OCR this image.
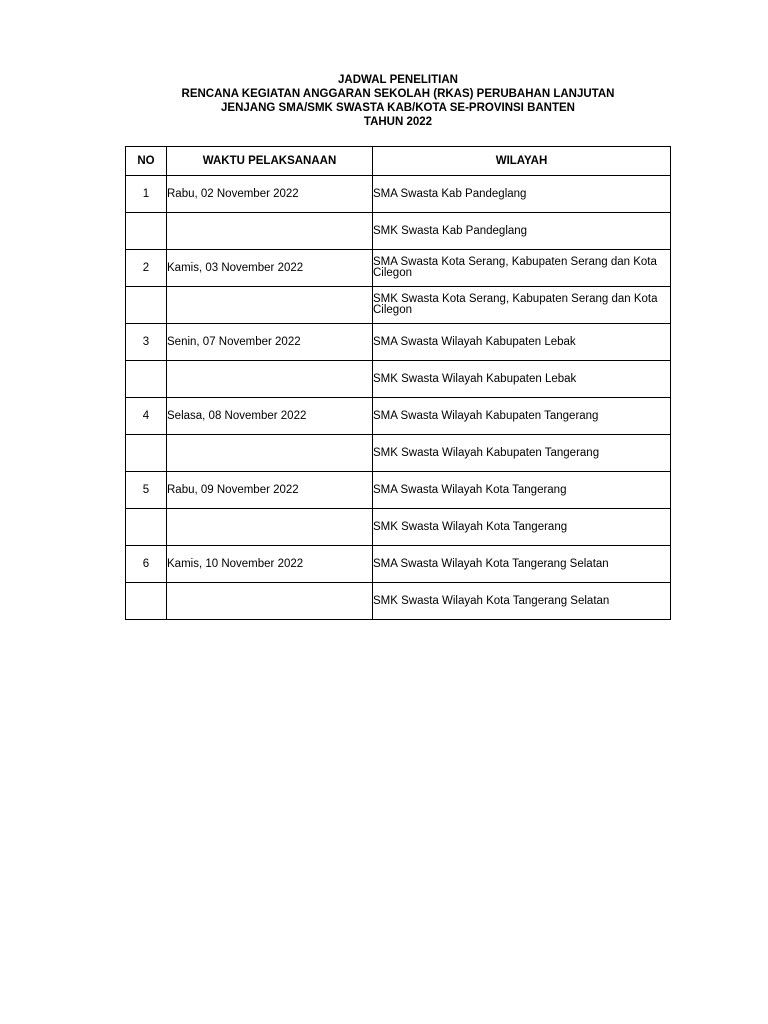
JADWAL PENELITIAN
RENCANA KEGIATAN ANGGARAN SEKOLAH (RKAS) PERUBAHAN LANJUTAN
JENJANG SMA/SMK SWASTA KAB/KOTA SE-PROVINSI BANTEN
TAHUN 2022
NO	WAKTU PELAKSANAAN	WILAYAH
1	Rabu, 02 November 2022	SMA Swasta Kab Pandeglang
		SMK Swasta Kab Pandeglang
2	Kamis, 03 November 2022	SMA Swasta Kota Serang, Kabupaten Serang dan Kota Cilegon
		SMK Swasta Kota Serang, Kabupaten Serang dan Kota Cilegon
3	Senin, 07 November 2022	SMA Swasta Wilayah Kabupaten Lebak
		SMK Swasta Wilayah Kabupaten Lebak
4	Selasa, 08 November 2022	SMA Swasta Wilayah Kabupaten Tangerang
		SMK Swasta Wilayah Kabupaten Tangerang
5	Rabu, 09 November 2022	SMA Swasta Wilayah Kota Tangerang
		SMK Swasta Wilayah Kota Tangerang
6	Kamis, 10 November 2022	SMA Swasta Wilayah Kota Tangerang Selatan
		SMK Swasta Wilayah Kota Tangerang Selatan
